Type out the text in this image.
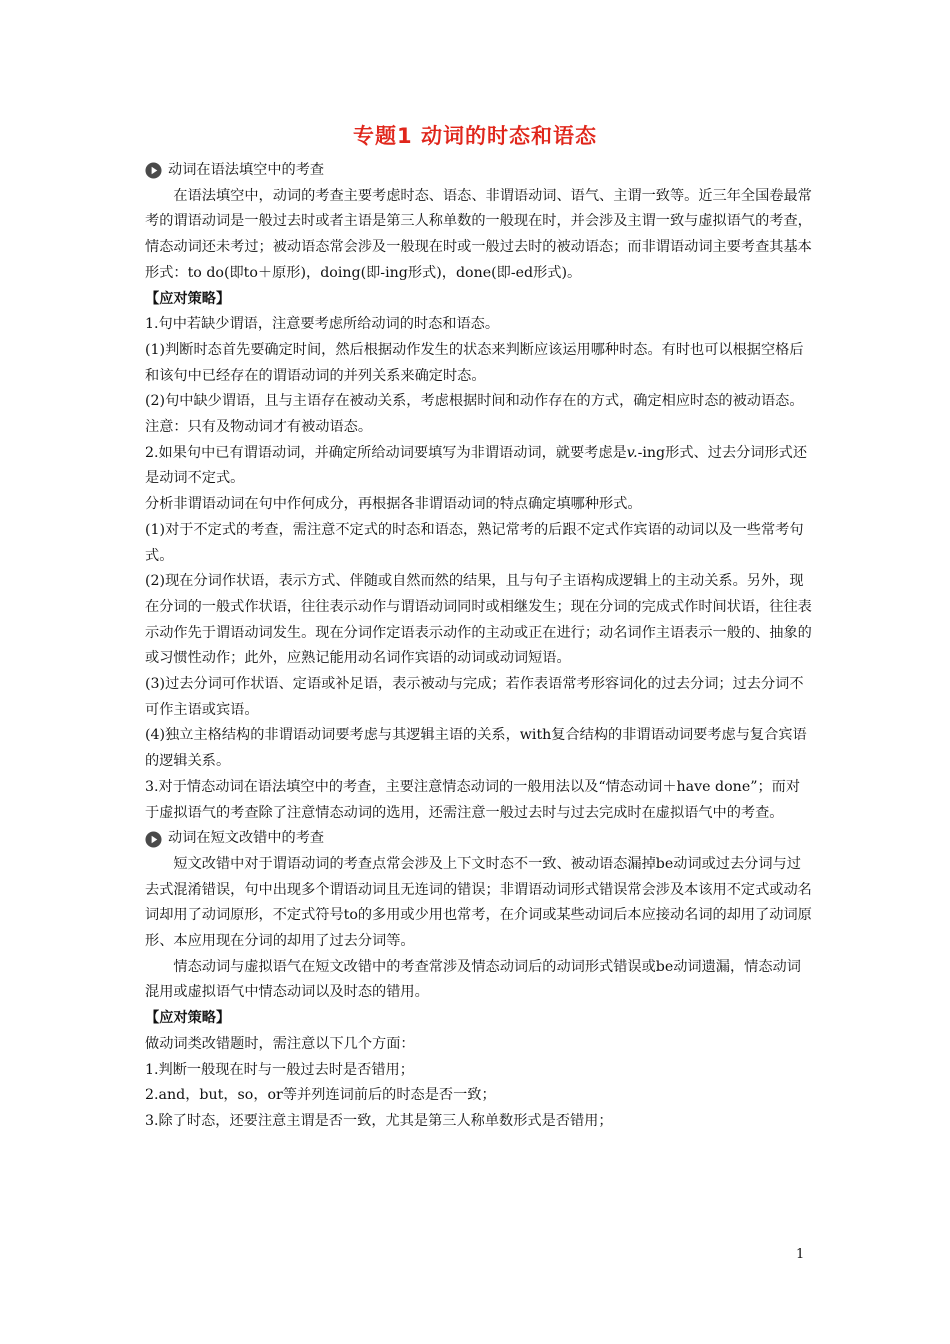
专题1 动词的时态和语态
动词在语法填空中的考查

在语法填空中，动词的考查主要考虑时态、语态、非谓语动词、语气、主谓一致等。近三年全国卷最常考的谓语动词是一般过去时或者主语是第三人称单数的一般现在时，并会涉及主谓一致与虚拟语气的考查，情态动词还未考过；被动语态常会涉及一般现在时或一般过去时的被动语态；而非谓语动词主要考查其基本形式：to do(即to＋原形)，doing(即-ing形式)，done(即-ed形式)。

【应对策略】

1.句中若缺少谓语，注意要考虑所给动词的时态和语态。

(1)判断时态首先要确定时间，然后根据动作发生的状态来判断应该运用哪种时态。有时也可以根据空格后和该句中已经存在的谓语动词的并列关系来确定时态。

(2)句中缺少谓语，且与主语存在被动关系，考虑根据时间和动作存在的方式，确定相应时态的被动语态。注意：只有及物动词才有被动语态。

2.如果句中已有谓语动词，并确定所给动词要填写为非谓语动词，就要考虑是v.-ing形式、过去分词形式还是动词不定式。

分析非谓语动词在句中作何成分，再根据各非谓语动词的特点确定填哪种形式。

(1)对于不定式的考查，需注意不定式的时态和语态，熟记常考的后跟不定式作宾语的动词以及一些常考句式。

(2)现在分词作状语，表示方式、伴随或自然而然的结果，且与句子主语构成逻辑上的主动关系。另外，现在分词的一般式作状语，往往表示动作与谓语动词同时或相继发生；现在分词的完成式作时间状语，往往表示动作先于谓语动词发生。现在分词作定语表示动作的主动或正在进行；动名词作主语表示一般的、抽象的或习惯性动作；此外，应熟记能用动名词作宾语的动词或动词短语。

(3)过去分词可作状语、定语或补足语，表示被动与完成；若作表语常考形容词化的过去分词；过去分词不可作主语或宾语。

(4)独立主格结构的非谓语动词要考虑与其逻辑主语的关系，with复合结构的非谓语动词要考虑与复合宾语的逻辑关系。

3.对于情态动词在语法填空中的考查，主要注意情态动词的一般用法以及“情态动词＋have done”；而对于虚拟语气的考查除了注意情态动词的选用，还需注意一般过去时与过去完成时在虚拟语气中的考查。

动词在短文改错中的考查

短文改错中对于谓语动词的考查点常会涉及上下文时态不一致、被动语态漏掉be动词或过去分词与过去式混淆错误，句中出现多个谓语动词且无连词的错误；非谓语动词形式错误常会涉及本该用不定式或动名词却用了动词原形，不定式符号to的多用或少用也常考，在介词或某些动词后本应接动名词的却用了动词原形、本应用现在分词的却用了过去分词等。

情态动词与虚拟语气在短文改错中的考查常涉及情态动词后的动词形式错误或be动词遗漏，情态动词混用或虚拟语气中情态动词以及时态的错用。

【应对策略】

做动词类改错题时，需注意以下几个方面：

1.判断一般现在时与一般过去时是否错用；

2.and，but，so，or等并列连词前后的时态是否一致；

3.除了时态，还要注意主谓是否一致，尤其是第三人称单数形式是否错用；

1
